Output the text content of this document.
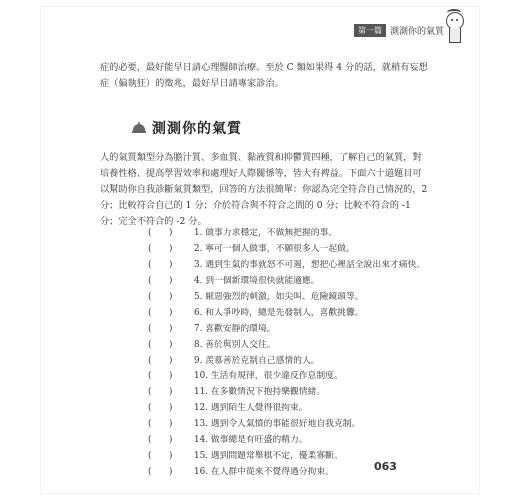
第一篇 測測你的氣質
症的必要，最好能早日請心理醫師治療。至於 C 類如果得 4 分的話，就稍有妄想症（偏執狂）的徵兆，最好早日請專家診治。
測測你的氣質
人的氣質類型分為膽汁質、多血質、黏液質和抑鬱質四種，了解自己的氣質，對培養性格、提高學習效率和處理好人際關係等，皆大有裨益。下面六十道題目可以幫助你自我診斷氣質類型，回答的方法很簡單：你認為完全符合自己情況的，2 分；比較符合自己的 1 分；介於符合與不符合之間的 0 分；比較不符合的 -1 分；完全不符合的 -2 分。
(　　)	1. 做事力求穩定，不做無把握的事。
(　　)	2. 寧可一個人做事，不願很多人一起做。
(　　)	3. 遇到生氣的事就怒不可遏，想把心裡話全說出來才痛快。
(　　)	4. 到一個新環境很快就能適應。
(　　)	5. 厭惡強烈的刺激，如尖叫、危險鏡頭等。
(　　)	6. 和人爭吵時，總是先發制人，喜歡挑釁。
(　　)	7. 喜歡安靜的環境。
(　　)	8. 善於與別人交往。
(　　)	9. 羨慕善於克制自己感情的人。
(　　)	10. 生活有規律，很少違反作息制度。
(　　)	11. 在多數情況下抱持樂觀情緒。
(　　)	12. 遇到陌生人覺得很拘束。
(　　)	13. 遇到令人氣憤的事能很好地自我克制。
(　　)	14. 做事總是有旺盛的精力。
(　　)	15. 遇到問題常舉棋不定，優柔寡斷。
(　　)	16. 在人群中從來不覺得過分拘束。	063
